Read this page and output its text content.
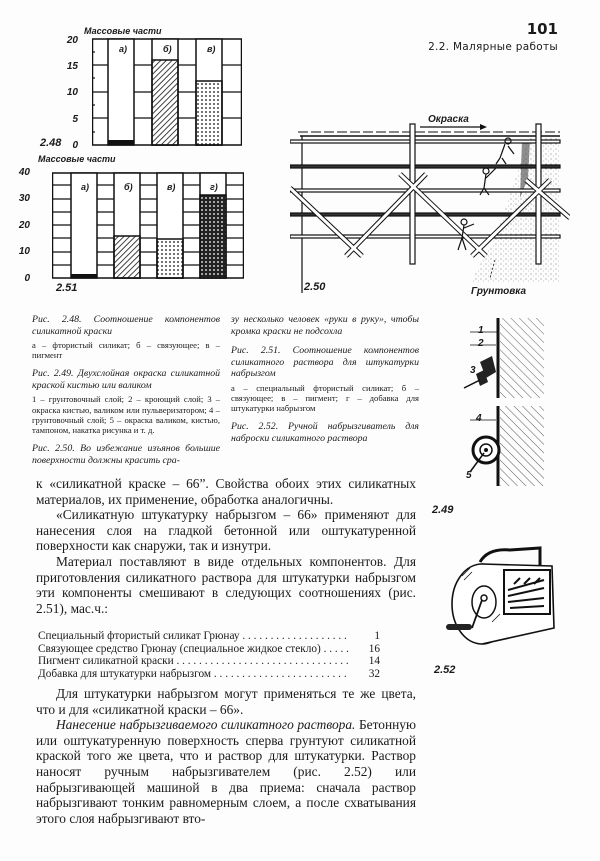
101
2.2. Малярные работы
Массовые части
20
15
10
5
0
а)	б)	в)
2.48
Массовые части
40
30
20
10
0
а)	б)	в)	г)
2.51
Окраска
2.50	Грунтовка
Рис. 2.48. Соотношение компонентов силикатной краски
а – фтористый силикат; б – связующее; в – пигмент
Рис. 2.49. Двухслойная окраска силикатной краской кистью или валиком
1 – грунтовочный слой; 2 – кроющий слой; 3 – окраска кистью, валиком или пульверизатором; 4 – грунтовочный слой; 5 – окраска валиком, кистью, тампоном, накатка рисунка и т. д.
Рис. 2.50. Во избежание изъянов большие поверхности должны красить сра-
зу несколько человек «руки в руку», чтобы кромка краски не подсохла
Рис. 2.51. Соотношение компонентов силикатного раствора для штукатурки набрызгом
а – специальный фтористый силикат; б – связующее; в – пигмент; г – добавка для штукатурки набрызгом
Рис. 2.52. Ручной набрызгиватель для наброски силикатного раствора
1
2
3
4
5
2.49
2.52

к «силикатной краске – 66”. Свойства обоих этих силикатных материалов, их применение, обработка аналогичны.

«Силикатную штукатурку набрызгом – 66» применяют для нанесения слоя на гладкой бетонной или оштукатуренной поверхности как снаружи, так и изнутри.

Материал поставляют в виде отдельных компонентов. Для приготовления силикатного раствора для штукатурки набрызгом эти компоненты смешивают в следующих соотношениях (рис. 2.51), мас.ч.:

Специальный фтористый силикат Грюнау . . .	1
Связующее средство Грюнау (специальное жидкое стекло) . . .	16
Пигмент силикатной краски . . .	14
Добавка для штукатурки набрызгом . . .	32

Для штукатурки набрызгом могут применяться те же цвета, что и для «силикатной краски – 66».

Нанесение набрызгиваемого силикатного раствора. Бетонную или оштукатуренную поверхность сперва грунтуют силикатной краской того же цвета, что и раствор для штукатурки. Раствор наносят ручным набрызгивателем (рис. 2.52) или набрызгивающей машиной в два приема: сначала раствор набрызгивают тонким равномерным слоем, а после схватывания этого слоя набрызгивают вто-
